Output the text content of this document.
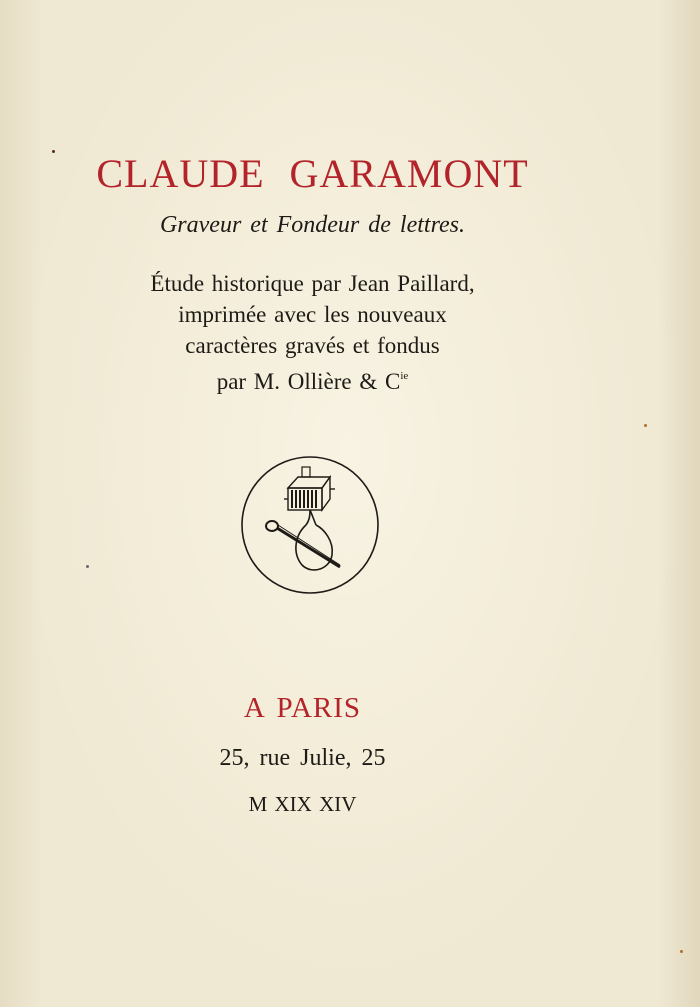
CLAUDE GARAMONT
Graveur et Fondeur de lettres.
Étude historique par Jean Paillard,
imprimée avec les nouveaux
caractères gravés et fondus
par M. Ollière & $C^{ie}$
A PARIS
25, rue Julie, 25
M XIX XIV
